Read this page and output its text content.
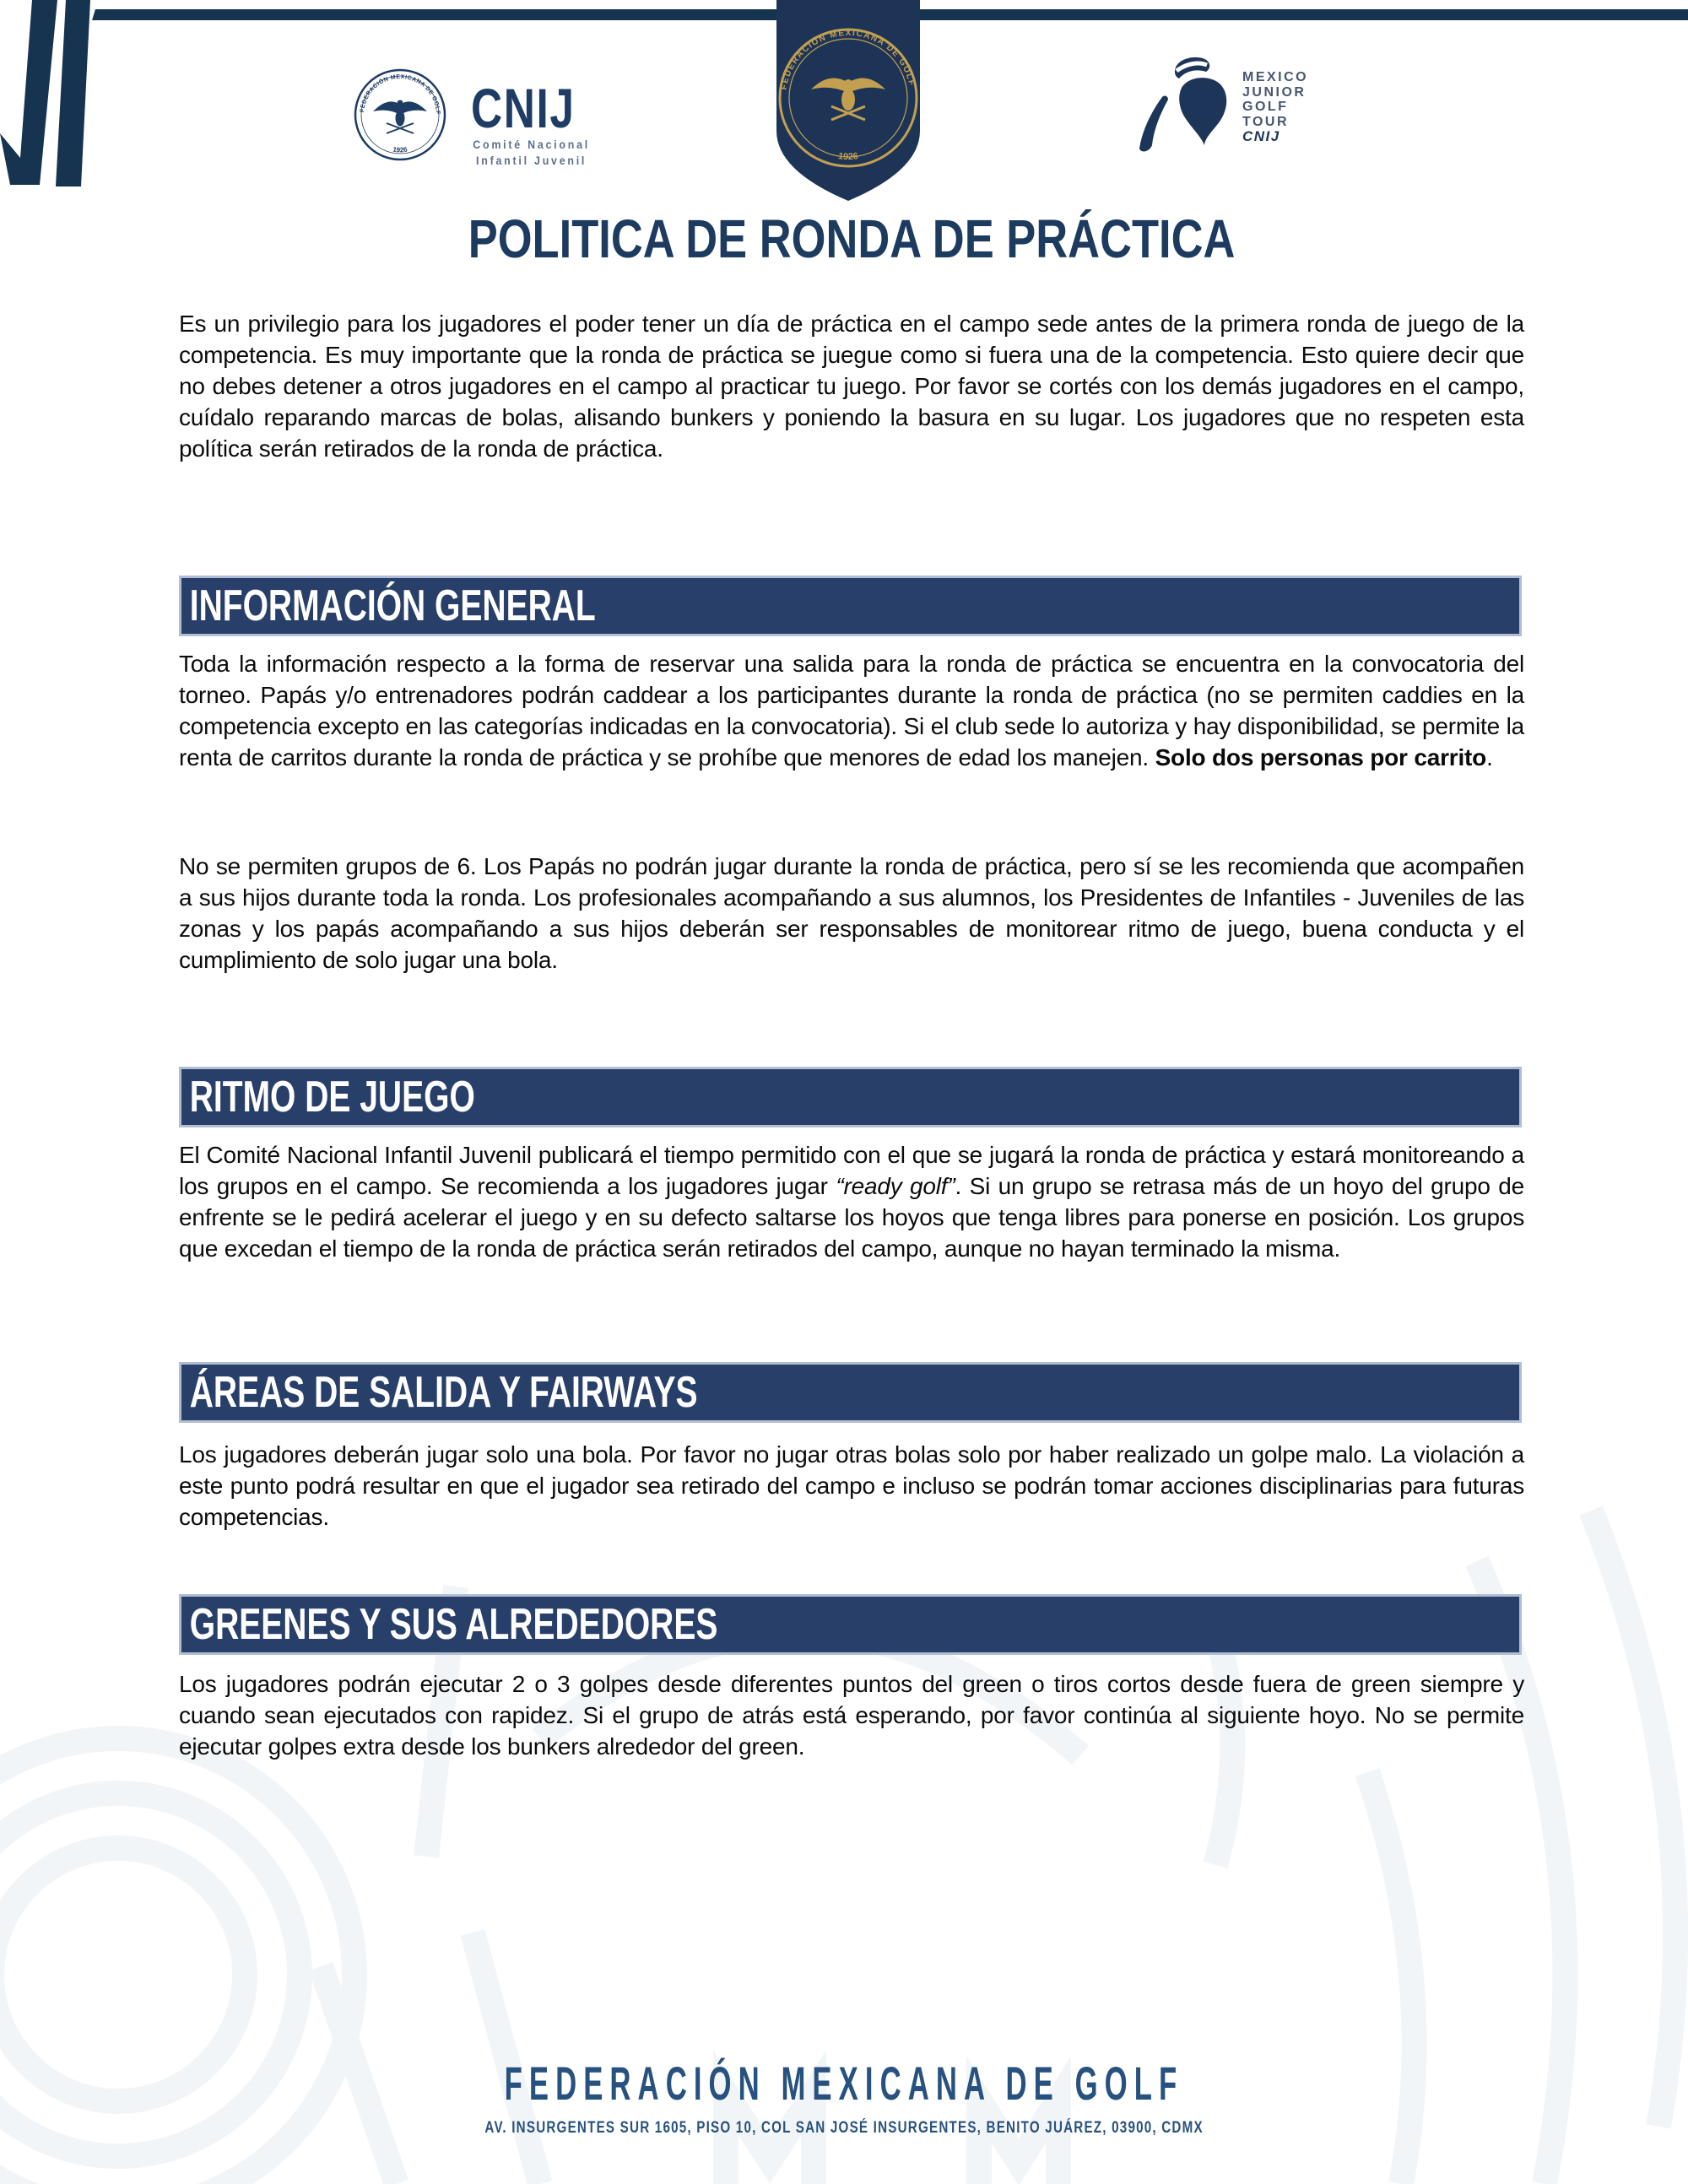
FEDERACIÓN MEXICANA DE GOLF
1926
CNIJ
Comité Nacional
Infantil Juvenil
FEDERACIÓN MEXICANA DE GOLF
1926
MEXICO
JUNIOR
GOLF
TOUR
CNIJ
POLITICA DE RONDA DE PRÁCTICA

Es un privilegio para los jugadores el poder tener un día de práctica en el campo sede antes de la primera ronda de juego de la competencia. Es muy importante que la ronda de práctica se juegue como si fuera una de la competencia. Esto quiere decir que no debes detener a otros jugadores en el campo al practicar tu juego. Por favor se cortés con los demás jugadores en el campo, cuídalo reparando marcas de bolas, alisando bunkers y poniendo la basura en su lugar. Los jugadores que no respeten esta política serán retirados de la ronda de práctica.

INFORMACIÓN GENERAL

Toda la información respecto a la forma de reservar una salida para la ronda de práctica se encuentra en la convocatoria del torneo. Papás y/o entrenadores podrán caddear a los participantes durante la ronda de práctica (no se permiten caddies en la competencia excepto en las categorías indicadas en la convocatoria). Si el club sede lo autoriza y hay disponibilidad, se permite la renta de carritos durante la ronda de práctica y se prohíbe que menores de edad los manejen. Solo dos personas por carrito.

No se permiten grupos de 6. Los Papás no podrán jugar durante la ronda de práctica, pero sí se les recomienda que acompañen a sus hijos durante toda la ronda. Los profesionales acompañando a sus alumnos, los Presidentes de Infantiles - Juveniles de las zonas y los papás acompañando a sus hijos deberán ser responsables de monitorear ritmo de juego, buena conducta y el cumplimiento de solo jugar una bola.

RITMO DE JUEGO

El Comité Nacional Infantil Juvenil publicará el tiempo permitido con el que se jugará la ronda de práctica y estará monitoreando a los grupos en el campo. Se recomienda a los jugadores jugar “ready golf”. Si un grupo se retrasa más de un hoyo del grupo de enfrente se le pedirá acelerar el juego y en su defecto saltarse los hoyos que tenga libres para ponerse en posición. Los grupos que excedan el tiempo de la ronda de práctica serán retirados del campo, aunque no hayan terminado la misma.

ÁREAS DE SALIDA Y FAIRWAYS

Los jugadores deberán jugar solo una bola. Por favor no jugar otras bolas solo por haber realizado un golpe malo. La violación a este punto podrá resultar en que el jugador sea retirado del campo e incluso se podrán tomar acciones disciplinarias para futuras competencias.

GREENES Y SUS ALREDEDORES

Los jugadores podrán ejecutar 2 o 3 golpes desde diferentes puntos del green o tiros cortos desde fuera de green siempre y cuando sean ejecutados con rapidez. Si el grupo de atrás está esperando, por favor continúa al siguiente hoyo. No se permite ejecutar golpes extra desde los bunkers alrededor del green.

FEDERACIÓN MEXICANA DE GOLF
AV. INSURGENTES SUR 1605, PISO 10, COL SAN JOSÉ INSURGENTES, BENITO JUÁREZ, 03900, CDMX
